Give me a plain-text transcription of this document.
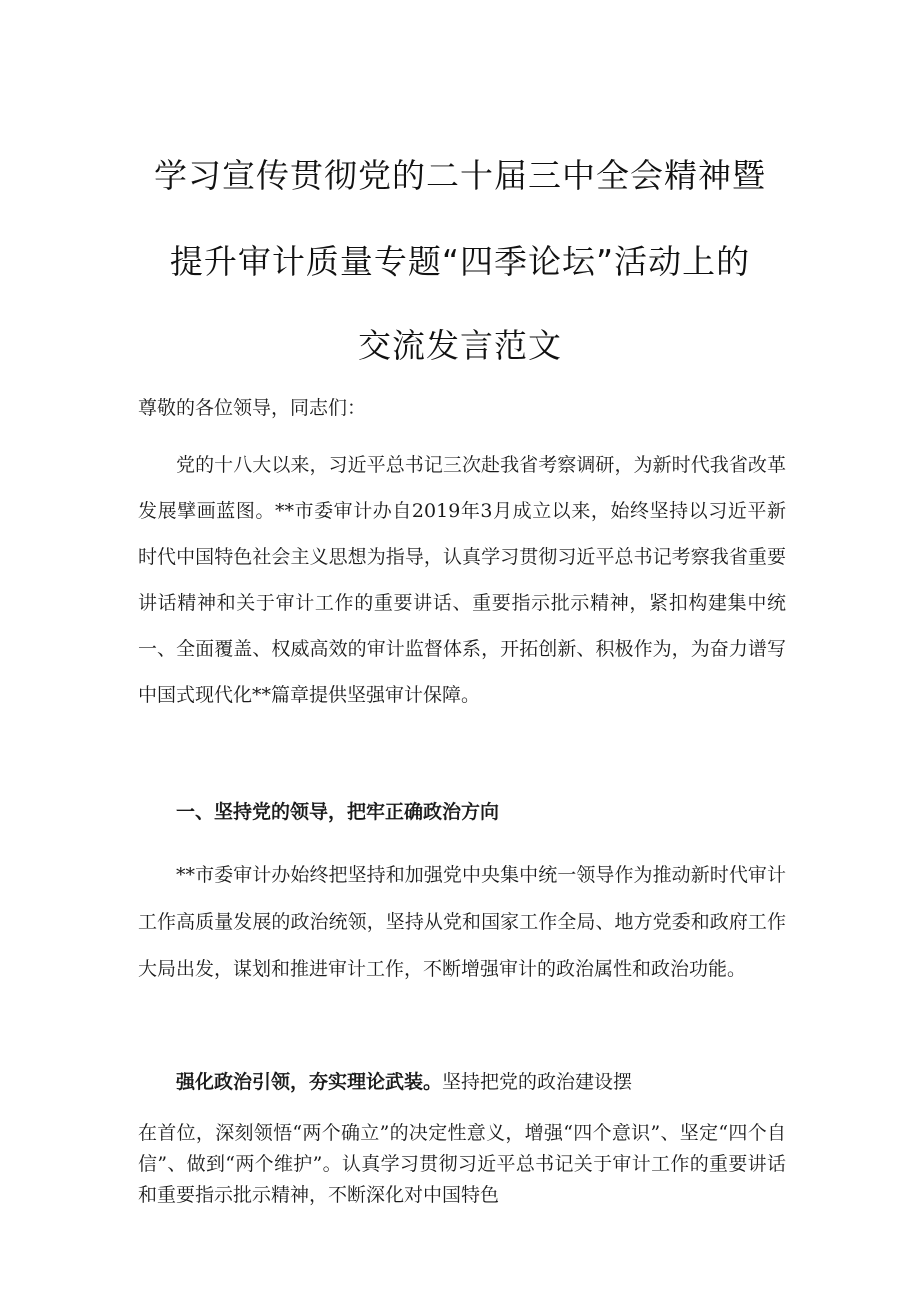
学习宣传贯彻党的二十届三中全会精神暨
提升审计质量专题“四季论坛”活动上的
交流发言范文
尊敬的各位领导，同志们：
党的十八大以来，习近平总书记三次赴我省考察调研，为新时代我省改革发展擘画蓝图。**市委审计办自2019年3月成立以来，始终坚持以习近平新时代中国特色社会主义思想为指导，认真学习贯彻习近平总书记考察我省重要讲话精神和关于审计工作的重要讲话、重要指示批示精神，紧扣构建集中统一、全面覆盖、权威高效的审计监督体系，开拓创新、积极作为，为奋力谱写中国式现代化**篇章提供坚强审计保障。
一、坚持党的领导，把牢正确政治方向
**市委审计办始终把坚持和加强党中央集中统一领导作为推动新时代审计工作高质量发展的政治统领，坚持从党和国家工作全局、地方党委和政府工作大局出发，谋划和推进审计工作，不断增强审计的政治属性和政治功能。
强化政治引领，夯实理论武装。坚持把党的政治建设摆
在首位，深刻领悟“两个确立”的决定性意义，增强“四个意识”、坚定“四个自信”、做到“两个维护”。认真学习贯彻习近平总书记关于审计工作的重要讲话和重要指示批示精神，不断深化对中国特色
